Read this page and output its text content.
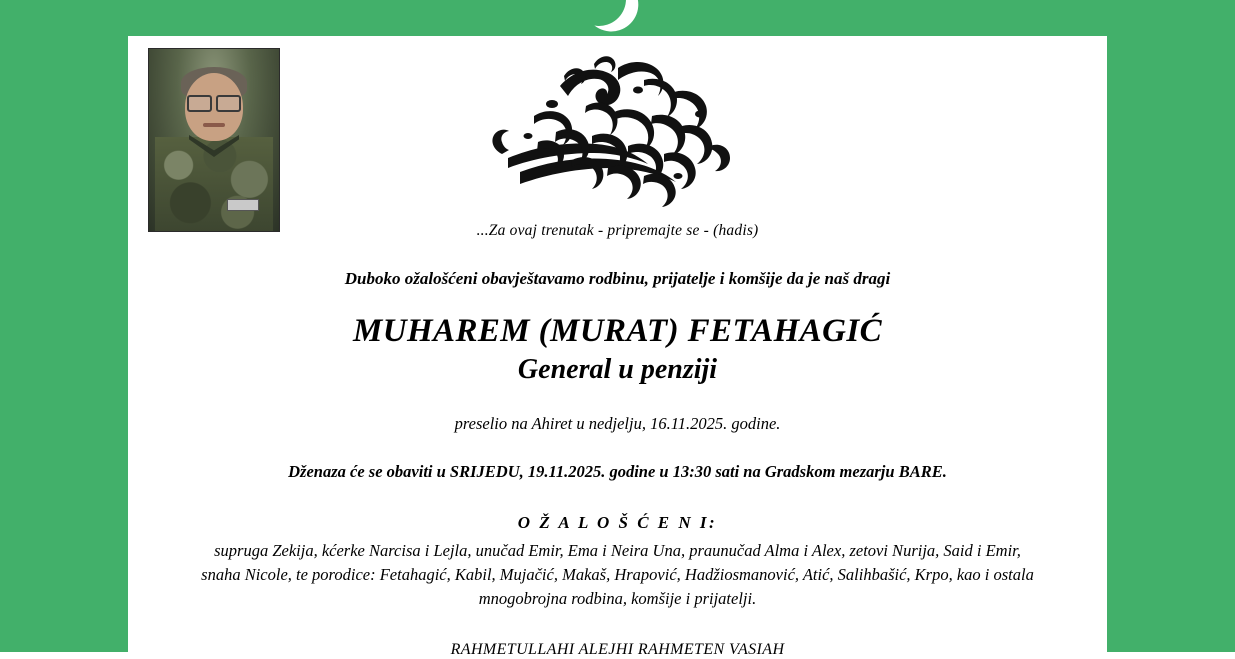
...Za ovaj trenutak - pripremajte se - (hadis)
Duboko ožalošćeni obavještavamo rodbinu, prijatelje i komšije da je naš dragi
MUHAREM (MURAT) FETAHAGIĆ
General u penziji
preselio na Ahiret u nedjelju, 16.11.2025. godine.
Dženaza će se obaviti u SRIJEDU, 19.11.2025. godine u 13:30 sati na Gradskom mezarju BARE.
O Ž A L O Š Ć E N I:
supruga Zekija, kćerke Narcisa i Lejla, unučad Emir, Ema i Neira Una, praunučad Alma i Alex, zetovi Nurija, Said i Emir,
snaha Nicole, te porodice: Fetahagić, Kabil, Mujačić, Makaš, Hrapović, Hadžiosmanović, Atić, Salihbašić, Krpo, kao i ostala
mnogobrojna rodbina, komšije i prijatelji.
RAHMETULLAHI ALEJHI RAHMETEN VASIAH
